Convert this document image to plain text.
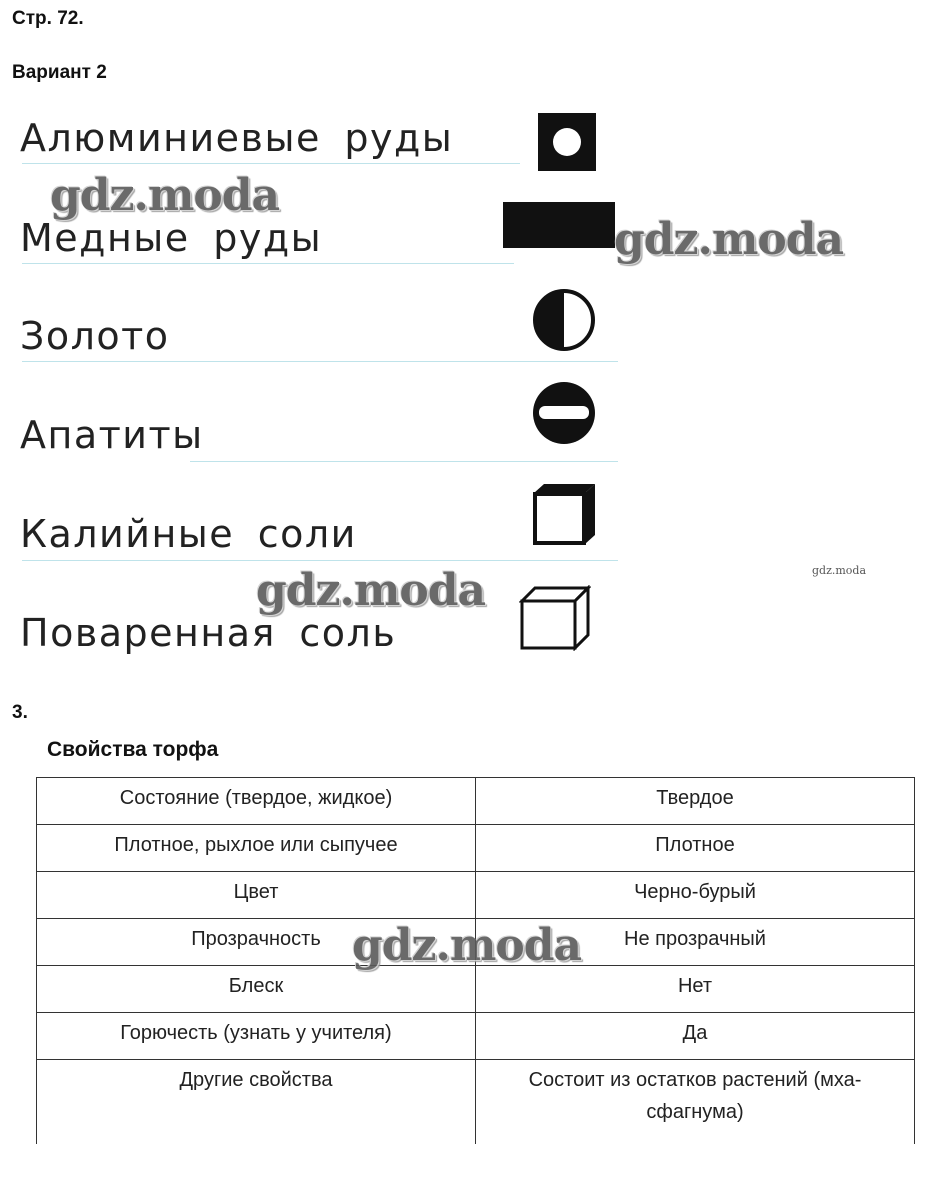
Стр. 72.
Вариант 2
Алюминиевые руды
Медные руды
Золото
Апатиты
Калийные соли
Поваренная соль
gdz.moda
gdz.moda
gdz.moda	gdz.moda
3.
Свойства торфа
Состояние (твердое, жидкое)	Твердое
Плотное, рыхлое или сыпучее	Плотное
Цвет	Черно-бурый
Прозрачность	Не прозрачный
Блеск	Нет
Горючесть (узнать у учителя)	Да
Другие свойства	Состоит из остатков растений (мха-сфагнума)
gdz.moda
